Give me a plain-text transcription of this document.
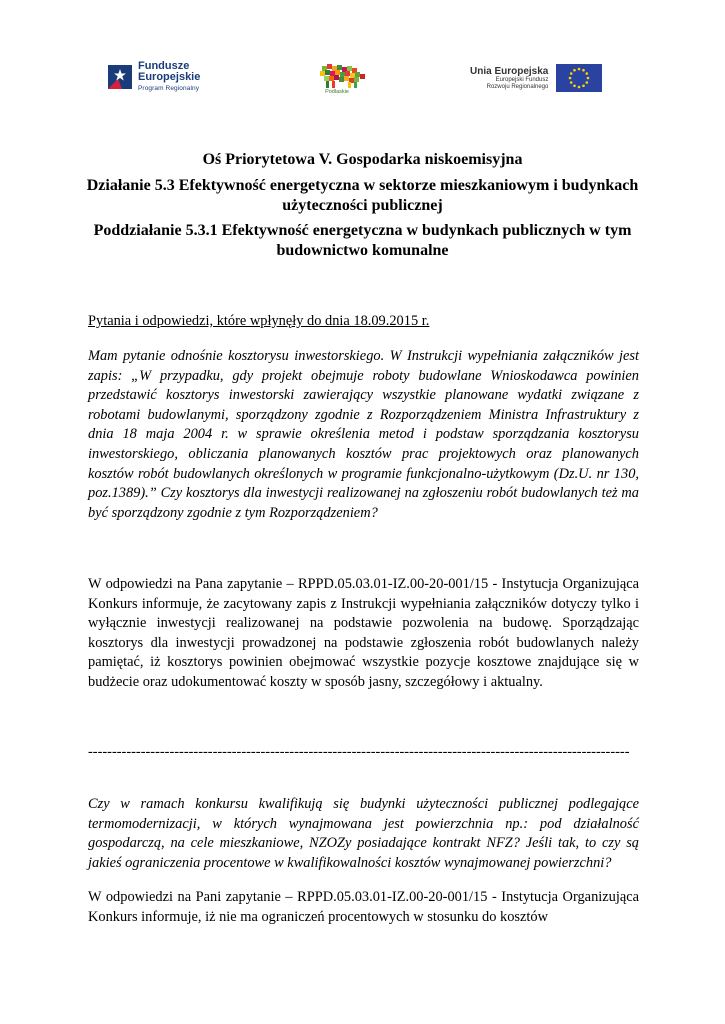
Fundusze
Europejskie
Program Regionalny
Podlaskie
Unia Europejska
Europejski Fundusz
Rozwoju Regionalnego
Oś Priorytetowa V. Gospodarka niskoemisyjna
Działanie 5.3 Efektywność energetyczna w sektorze mieszkaniowym i budynkach użyteczności publicznej
Poddziałanie 5.3.1 Efektywność energetyczna w budynkach publicznych w tym budownictwo komunalne
Pytania i odpowiedzi, które wpłynęły do dnia 18.09.2015 r.
Mam pytanie odnośnie kosztorysu inwestorskiego. W Instrukcji wypełniania załączników jest zapis: „W przypadku, gdy projekt obejmuje roboty budowlane Wnioskodawca powinien przedstawić kosztorys inwestorski zawierający wszystkie planowane wydatki związane z robotami budowlanymi, sporządzony zgodnie z Rozporządzeniem Ministra Infrastruktury z dnia 18 maja 2004 r. w sprawie określenia metod i podstaw sporządzania kosztorysu inwestorskiego, obliczania planowanych kosztów prac projektowych oraz planowanych kosztów robót budowlanych określonych w programie funkcjonalno-użytkowym (Dz.U. nr 130, poz.1389).” Czy kosztorys dla inwestycji realizowanej na zgłoszeniu robót budowlanych też ma być sporządzony zgodnie z tym Rozporządzeniem?
W odpowiedzi na Pana zapytanie – RPPD.05.03.01-IZ.00-20-001/15 - Instytucja Organizująca Konkurs informuje, że zacytowany zapis z Instrukcji wypełniania załączników dotyczy tylko i wyłącznie inwestycji realizowanej na podstawie pozwolenia na budowę. Sporządzając kosztorys dla inwestycji prowadzonej na podstawie zgłoszenia robót budowlanych należy pamiętać, iż kosztorys powinien obejmować wszystkie pozycje kosztowe znajdujące się w budżecie oraz udokumentować koszty w sposób jasny, szczegółowy i aktualny.
-----------------------------------------------------------------------------------------------------------------
Czy w ramach konkursu kwalifikują się budynki użyteczności publicznej podlegające termomodernizacji, w których wynajmowana jest powierzchnia np.: pod działalność gospodarczą, na cele mieszkaniowe, NZOZy posiadające kontrakt NFZ? Jeśli tak, to czy są jakieś ograniczenia procentowe w kwalifikowalności kosztów wynajmowanej powierzchni?
W odpowiedzi na Pani zapytanie – RPPD.05.03.01-IZ.00-20-001/15 - Instytucja Organizująca Konkurs informuje, iż nie ma ograniczeń procentowych w stosunku do kosztów
